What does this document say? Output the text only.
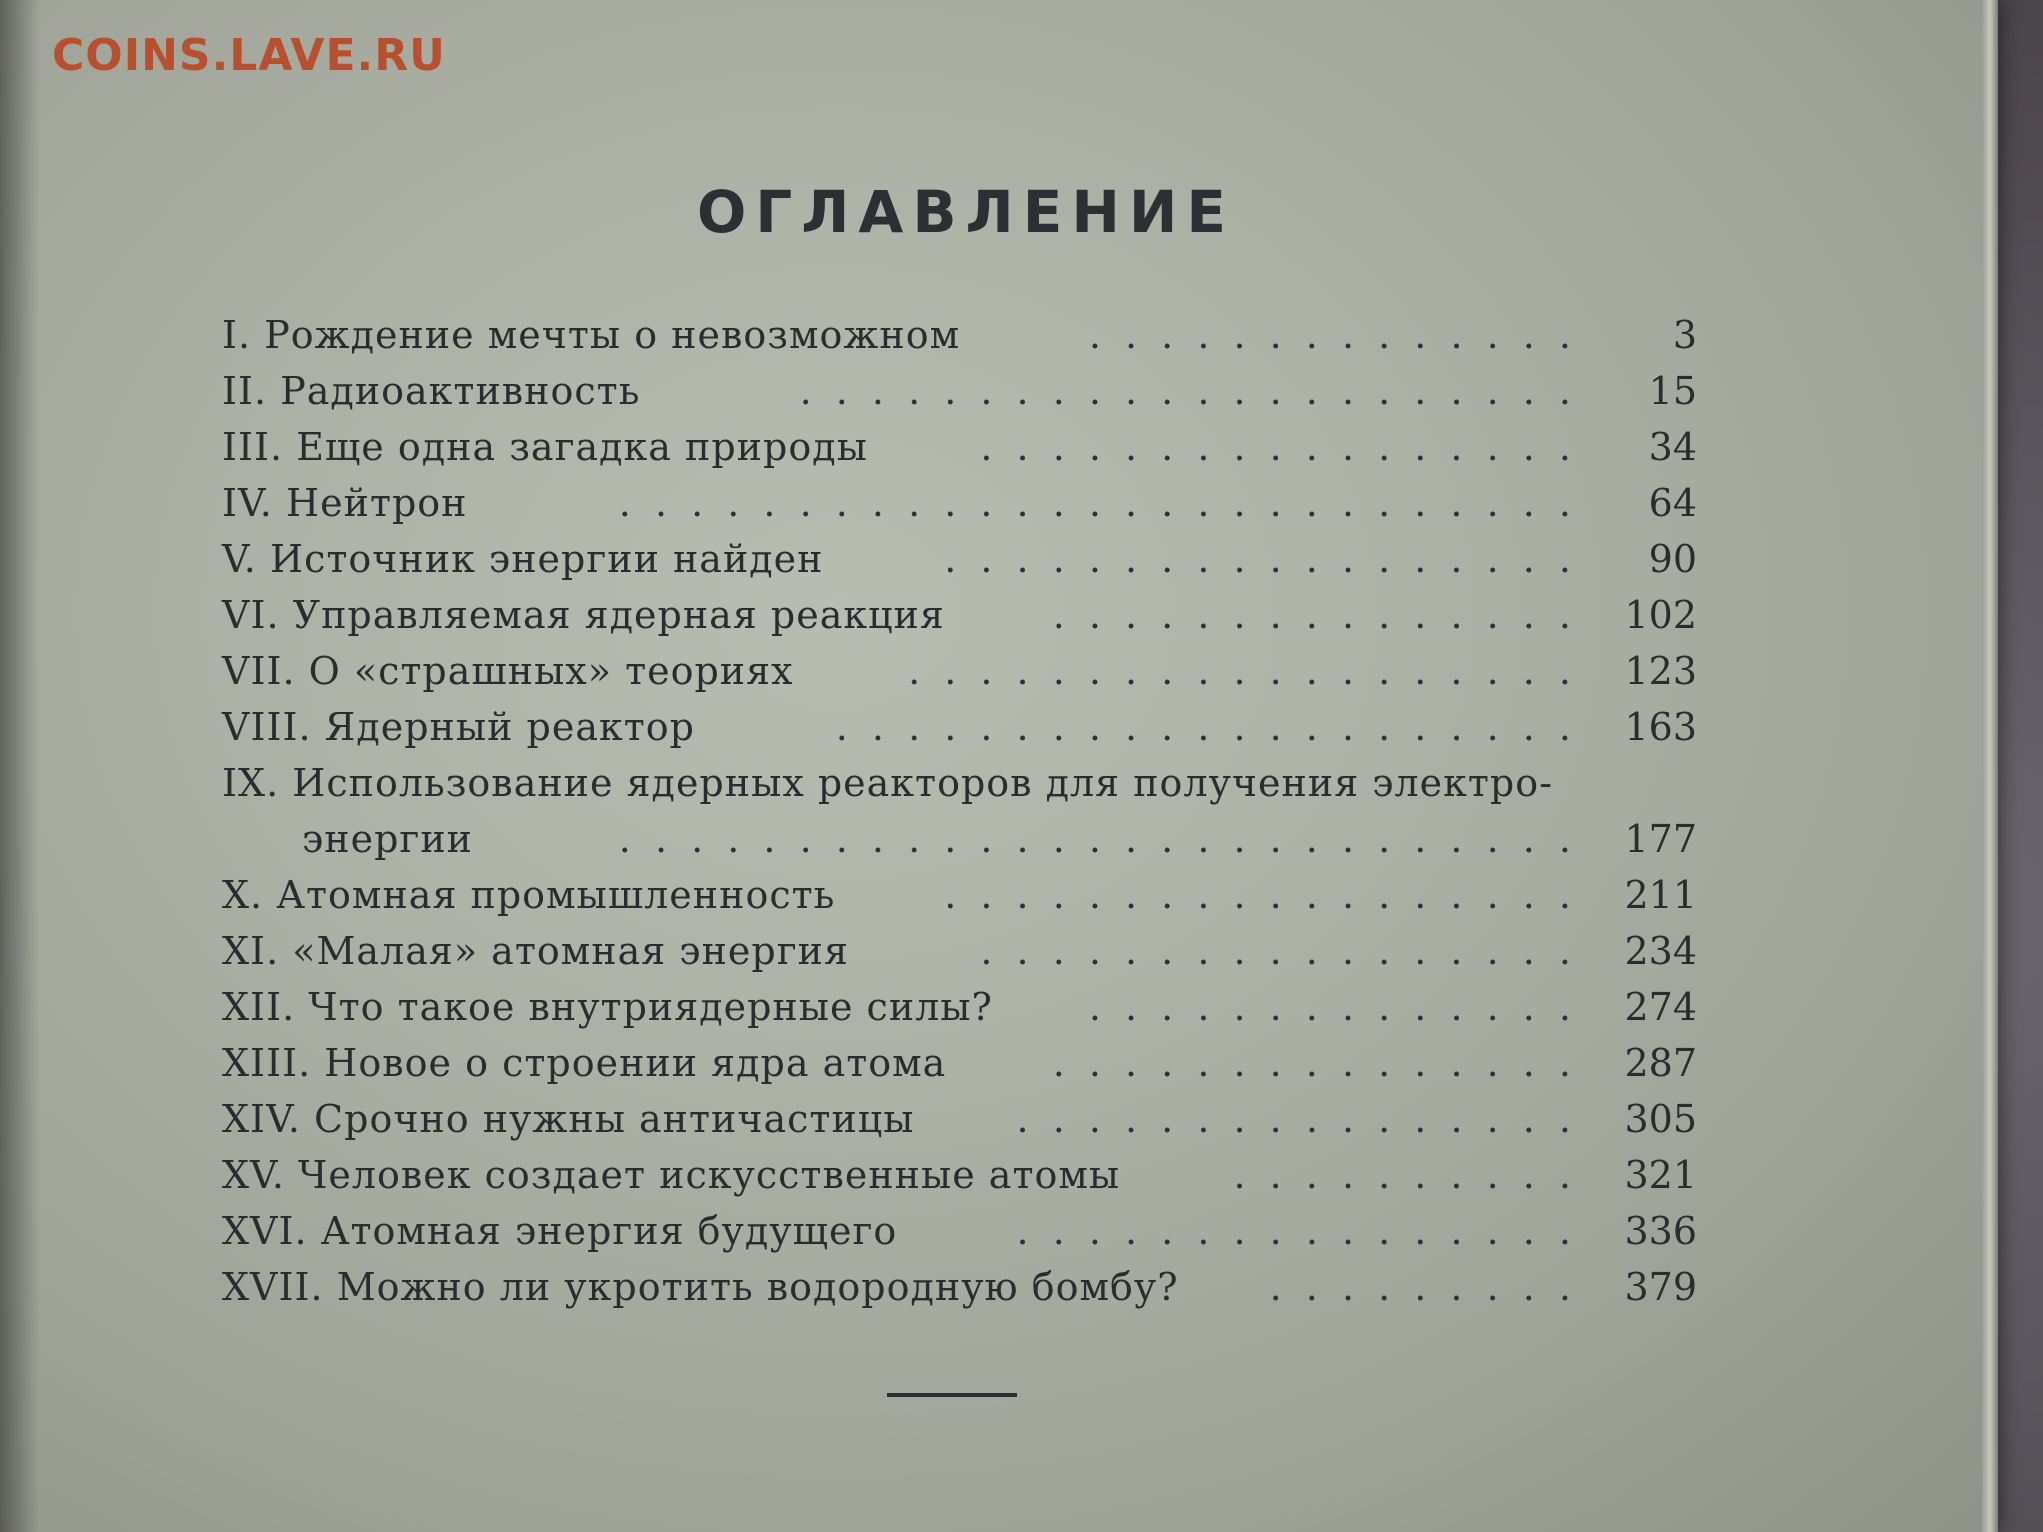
COINS.LAVE.RU
ОГЛАВЛЕНИЕ
I. Рождение мечты о невозможном	. . . . . . . . . . . . . .	3
II. Радиоактивность	. . . . . . . . . . . . . . . . . . . . . .	15
III. Еще одна загадка природы	. . . . . . . . . . . . . . . . .	34
IV. Нейтрон	. . . . . . . . . . . . . . . . . . . . . . . . . . .	64
V. Источник энергии найден	. . . . . . . . . . . . . . . . . .	90
VI. Управляемая ядерная реакция	. . . . . . . . . . . . . . .	102
VII. О «страшных» теориях	. . . . . . . . . . . . . . . . . . .	123
VIII. Ядерный реактор	. . . . . . . . . . . . . . . . . . . . .	163
IX. Использование ядерных реакторов для получения электро-
энергии	. . . . . . . . . . . . . . . . . . . . . . . . . . .	177
X. Атомная промышленность	. . . . . . . . . . . . . . . . . .	211
XI. «Малая» атомная энергия	. . . . . . . . . . . . . . . . .	234
XII. Что такое внутриядерные силы?	. . . . . . . . . . . . . .	274
XIII. Новое о строении ядра атома	. . . . . . . . . . . . . . .	287
XIV. Срочно нужны античастицы	. . . . . . . . . . . . . . . .	305
XV. Человек создает искусственные атомы	. . . . . . . . . .	321
XVI. Атомная энергия будущего	. . . . . . . . . . . . . . . .	336
XVII. Можно ли укротить водородную бомбу?	. . . . . . . . .	379
